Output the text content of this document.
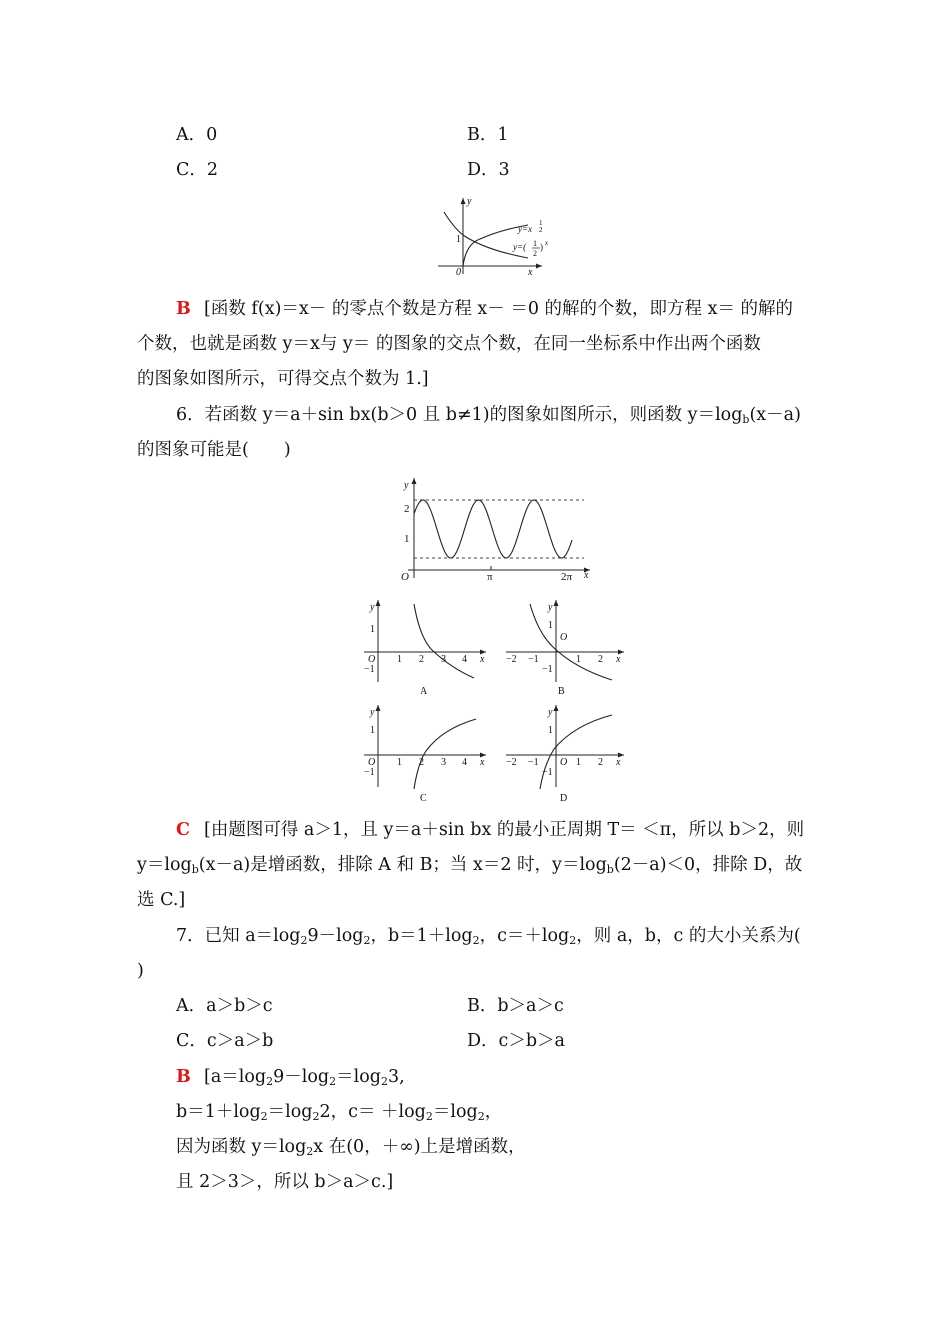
A．0	B．1
C．2	D．3
y
x
0
1
y=x
1
2
y=( 1
2
) x
B [函数 f(x)＝x－ 的零点个数是方程 x－ ＝0 的解的个数，即方程 x＝ 的解的
个数，也就是函数 y＝x与 y＝ 的图象的交点个数，在同一坐标系中作出两个函数
的图象如图所示，可得交点个数为 1.]
6．若函数 y＝a＋sin bx(b＞0 且 b≠1)的图象如图所示，则函数 $y=\log_b(x-a)$
的图象可能是(　　)
y
x
2
1
O	π	2π
y
x
O
1
−1
1 2 3 4
A
y
x
O
1
−1
−2 −1	1 2
B
y
x
O
1
−1
1 2 3 4
C
y
x
O
1
−1
−2 −1	1 2
D
C [由题图可得 a＞1，且 y＝a＋sin bx 的最小正周期 T＝ ＜π，所以 b＞2，则
$y=\log_b(x-a)$是增函数，排除 A 和 B；当 x＝2 时，$y=\log_b(2-a)<0$，排除 D，故
选 C.]
7．已知 $a=\log_29-\log_2$，$b=1+\log_2$，$c=+\log_2$，则 a，b，c 的大小关系为(
)
A．a＞b＞c	B．b＞a＞c
C．c＞a＞b	D．c＞b＞a
B [$a=\log_29-\log_2=\log_23$,
$b=1+\log_2=\log_22$，$c= +\log_2=\log_2$，
因为函数 $y=\log_2x$ 在(0，＋∞)上是增函数，
且 2＞3＞，所以 b＞a＞c.]
